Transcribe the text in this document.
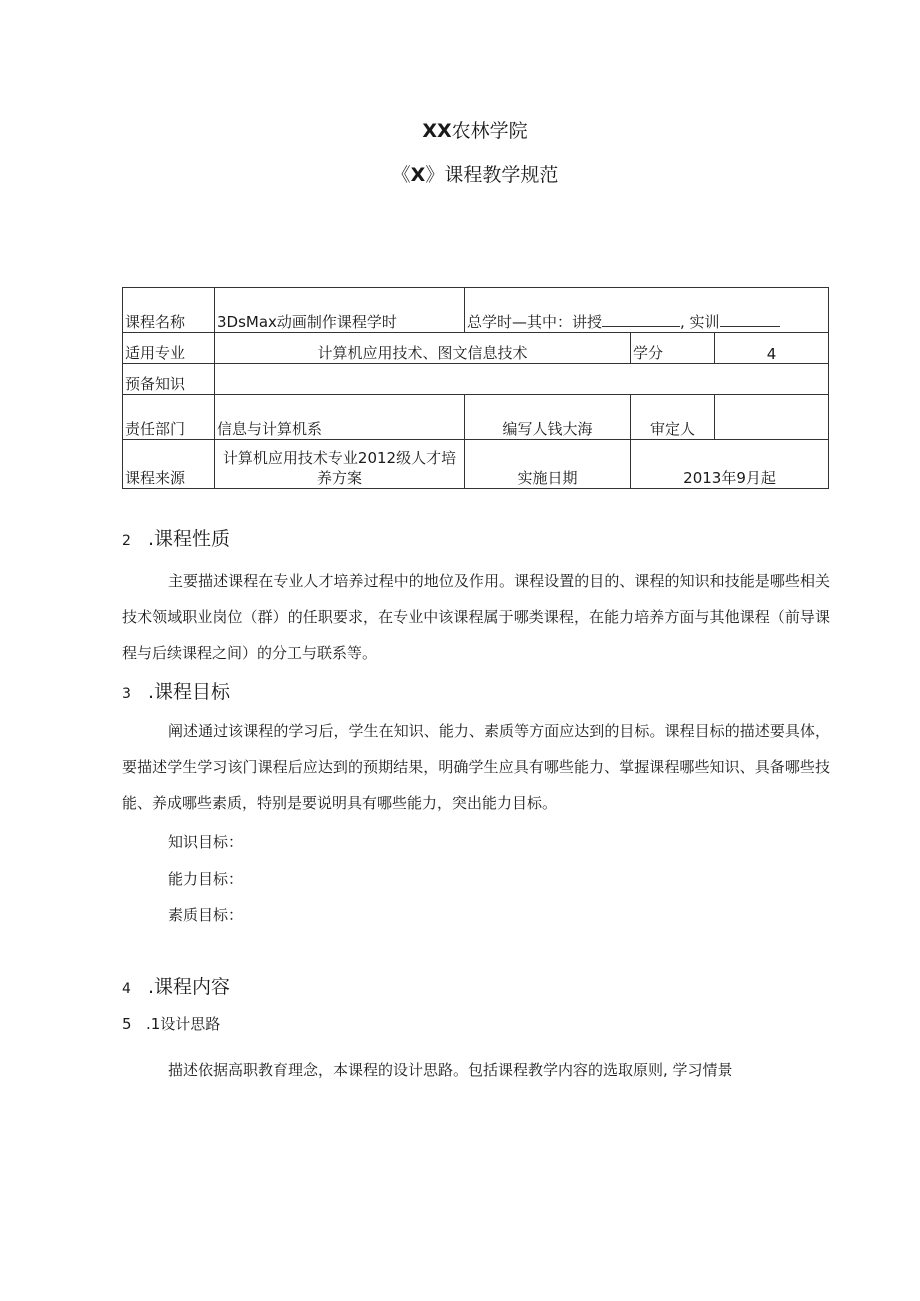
XX农林学院
《X》课程教学规范
课程名称	3DsMax动画制作课程学时	总学时—其中：讲授 , 实训		
适用专业	计算机应用技术、图文信息技术		学分	4
预备知识				
责任部门	信息与计算机系	编写人钱大海	审定人	
课程来源	计算机应用技术专业2012级人才培养方案	实施日期	2013年9月起	
2 .课程性质

主要描述课程在专业人才培养过程中的地位及作用。课程设置的目的、课程的知识和技能是哪些相关技术领域职业岗位（群）的任职要求，在专业中该课程属于哪类课程，在能力培养方面与其他课程（前导课程与后续课程之间）的分工与联系等。

3 .课程目标

阐述通过该课程的学习后，学生在知识、能力、素质等方面应达到的目标。课程目标的描述要具体，要描述学生学习该门课程后应达到的预期结果，明确学生应具有哪些能力、掌握课程哪些知识、具备哪些技能、养成哪些素质，特别是要说明具有哪些能力，突出能力目标。

知识目标：
能力目标：
素质目标：
4 .课程内容
5 .1设计思路

描述依据高职教育理念，本课程的设计思路。包括课程教学内容的选取原则, 学习情景
